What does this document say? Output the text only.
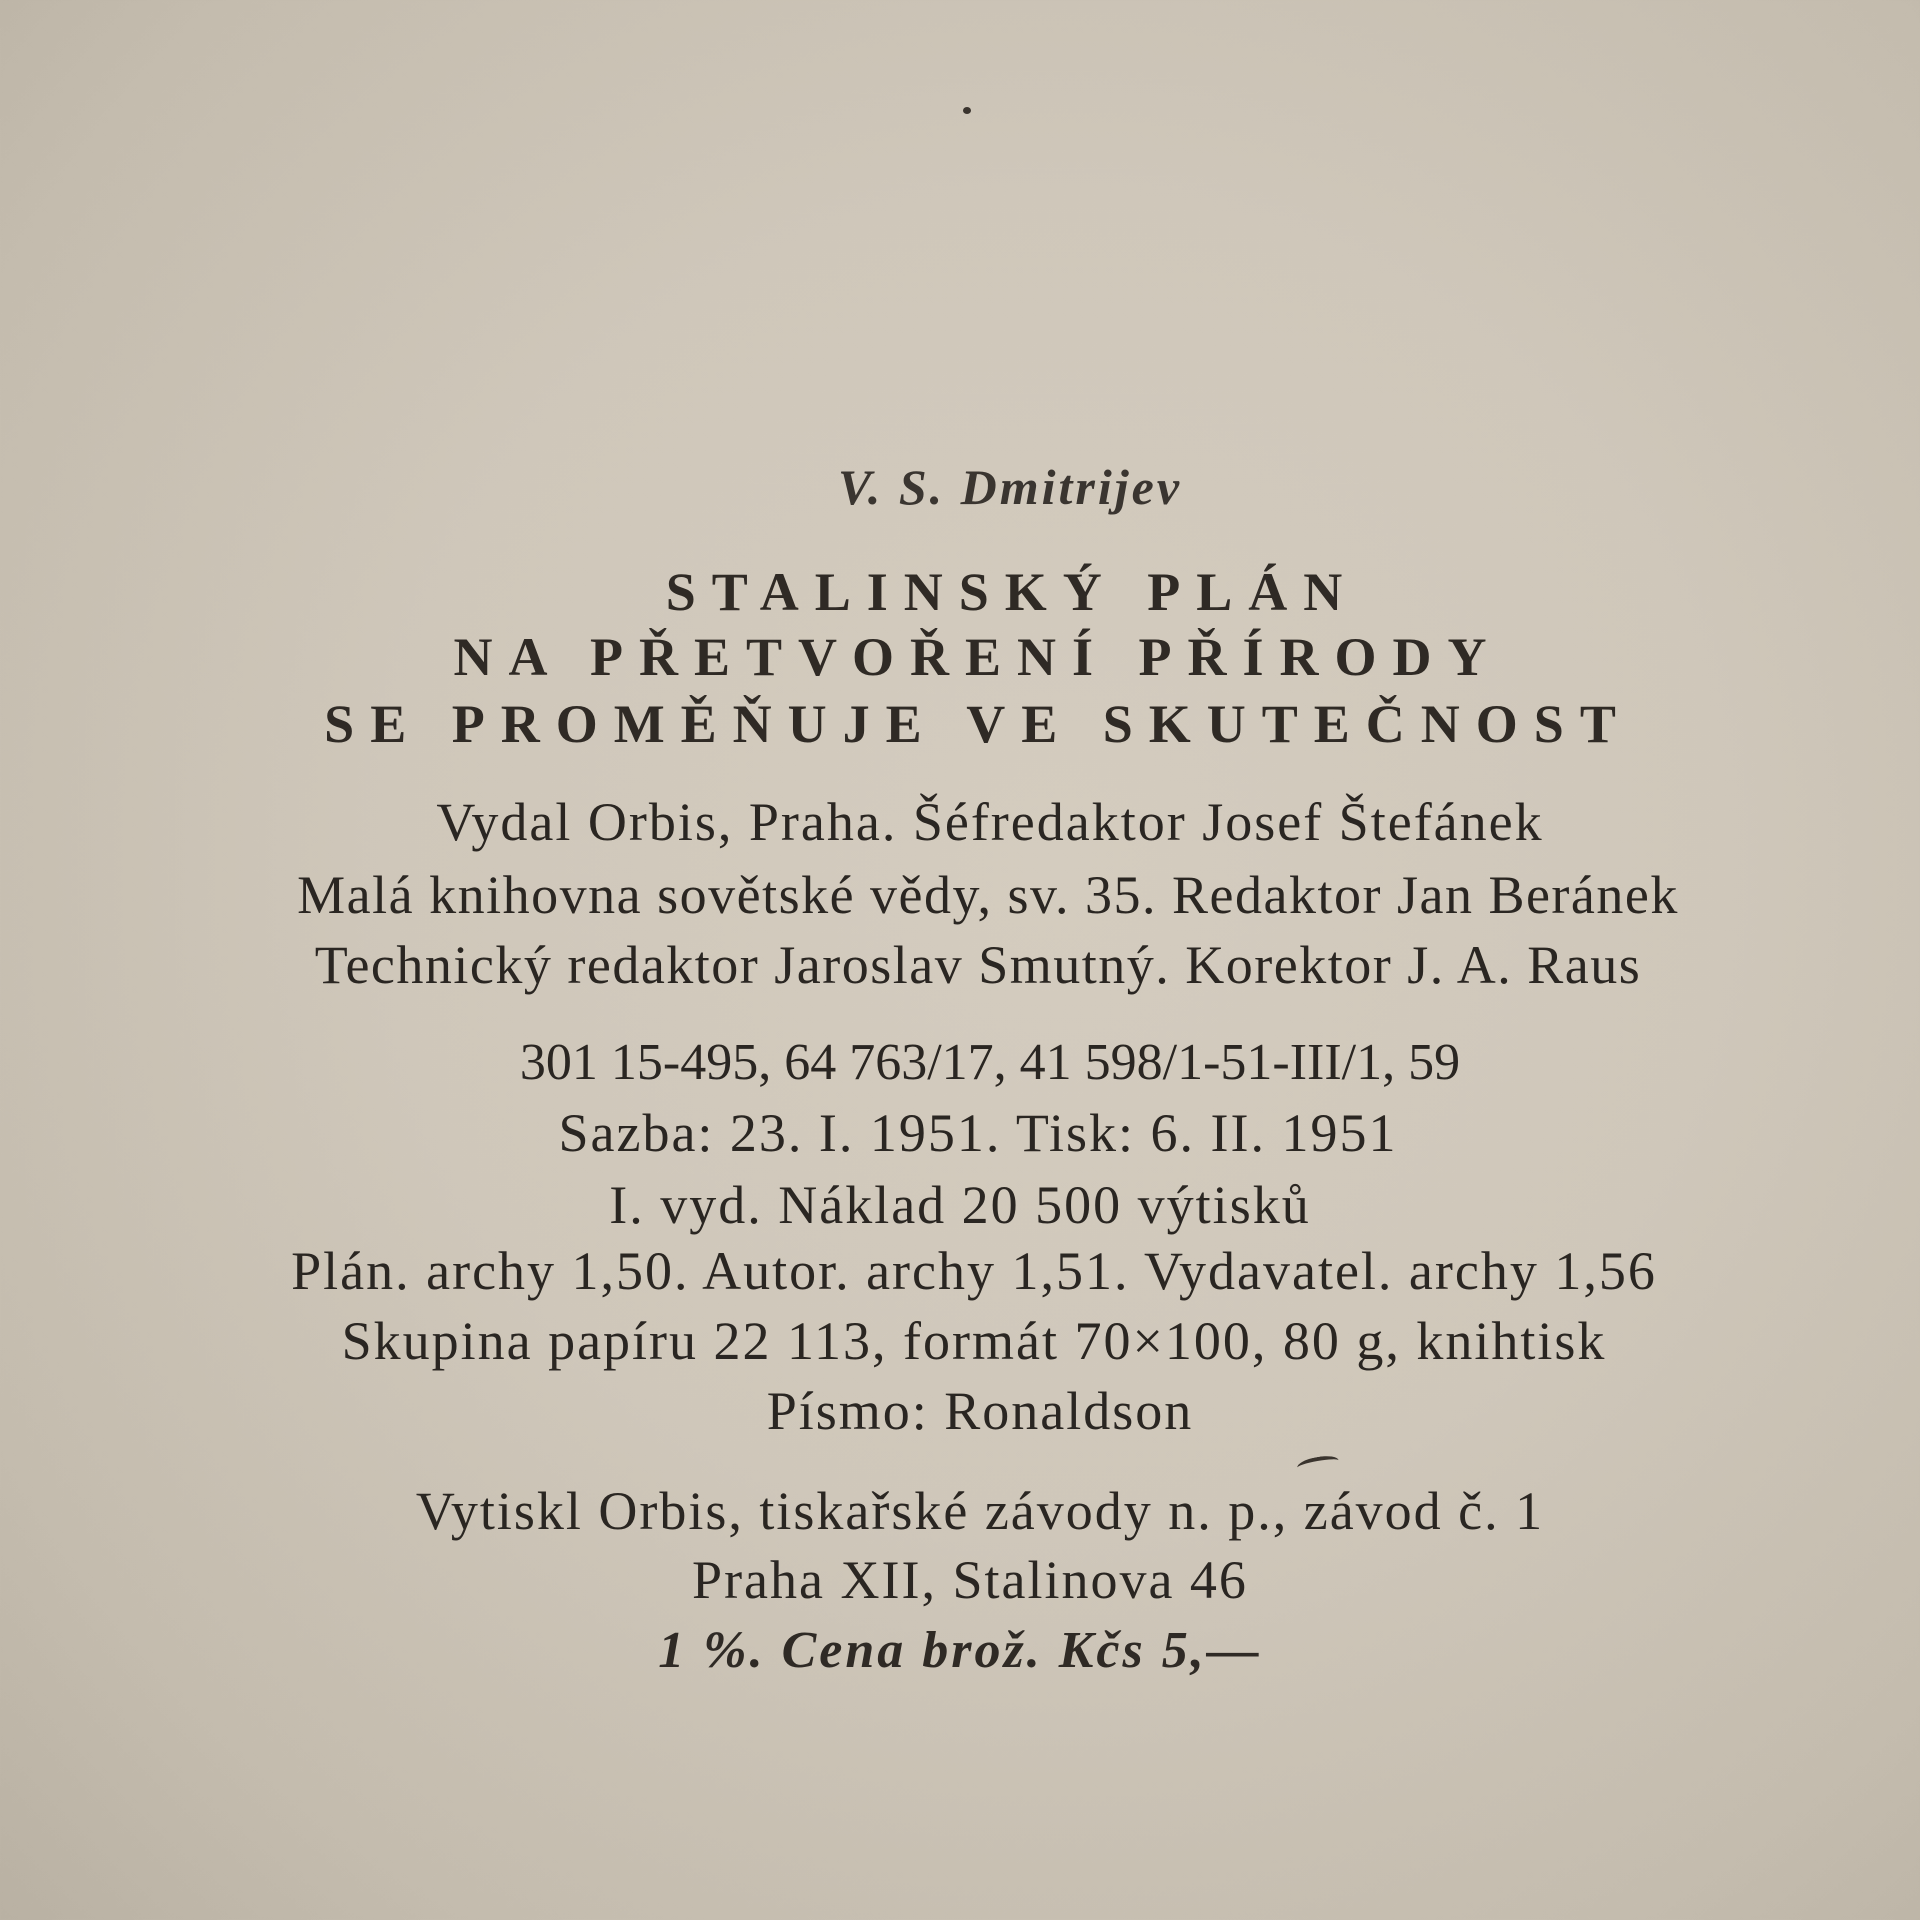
V. S. Dmitrijev
STALINSKÝ PLÁN
NA PŘETVOŘENÍ PŘÍRODY
SE PROMĚŇUJE VE SKUTEČNOST
Vydal Orbis, Praha. Šéfredaktor Josef Štefánek
Malá knihovna sovětské vědy, sv. 35. Redaktor Jan Beránek
Technický redaktor Jaroslav Smutný. Korektor J. A. Raus
301 15-495, 64 763/17, 41 598/1-51-III/1, 59
Sazba: 23. I. 1951. Tisk: 6. II. 1951
I. vyd. Náklad 20 500 výtisků
Plán. archy 1,50. Autor. archy 1,51. Vydavatel. archy 1,56
Skupina papíru 22 113, formát 70×100, 80 g, knihtisk
Písmo: Ronaldson
Vytiskl Orbis, tiskařské závody n. p., závod č. 1
Praha XII, Stalinova 46
1 %. Cena brož. Kčs 5,—
